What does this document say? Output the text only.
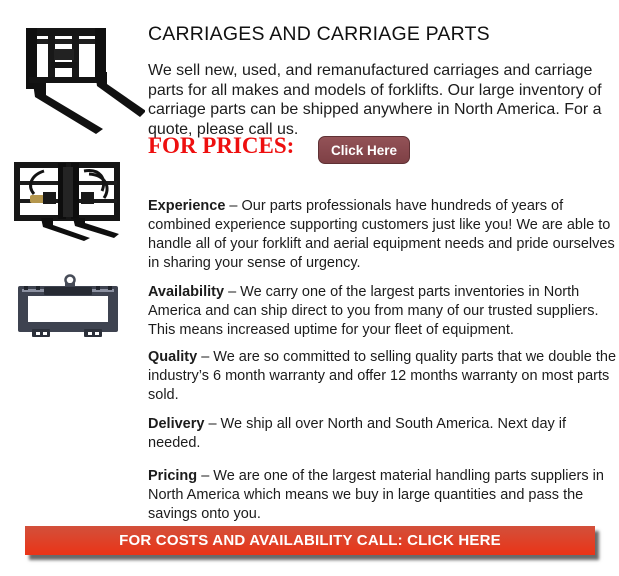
CARRIAGES AND CARRIAGE PARTS

We sell new, used, and remanufactured carriages and carriage parts for all makes and models of forklifts. Our large inventory of carriage parts can be shipped anywhere in North America. For a quote, please call us.

FOR PRICES:	Click Here

Experience – Our parts professionals have hundreds of years of combined experience supporting customers just like you! We are able to handle all of your forklift and aerial equipment needs and pride ourselves in sharing your sense of urgency.

Availability – We carry one of the largest parts inventories in North America and can ship direct to you from many of our trusted suppliers. This means increased uptime for your fleet of equipment.

Quality – We are so committed to selling quality parts that we double the industry’s 6 month warranty and offer 12 months warranty on most parts sold.

Delivery – We ship all over North and South America. Next day if needed.

Pricing – We are one of the largest material handling parts suppliers in North America which means we buy in large quantities and pass the savings onto you.

FOR COSTS AND AVAILABILITY CALL: CLICK HERE
